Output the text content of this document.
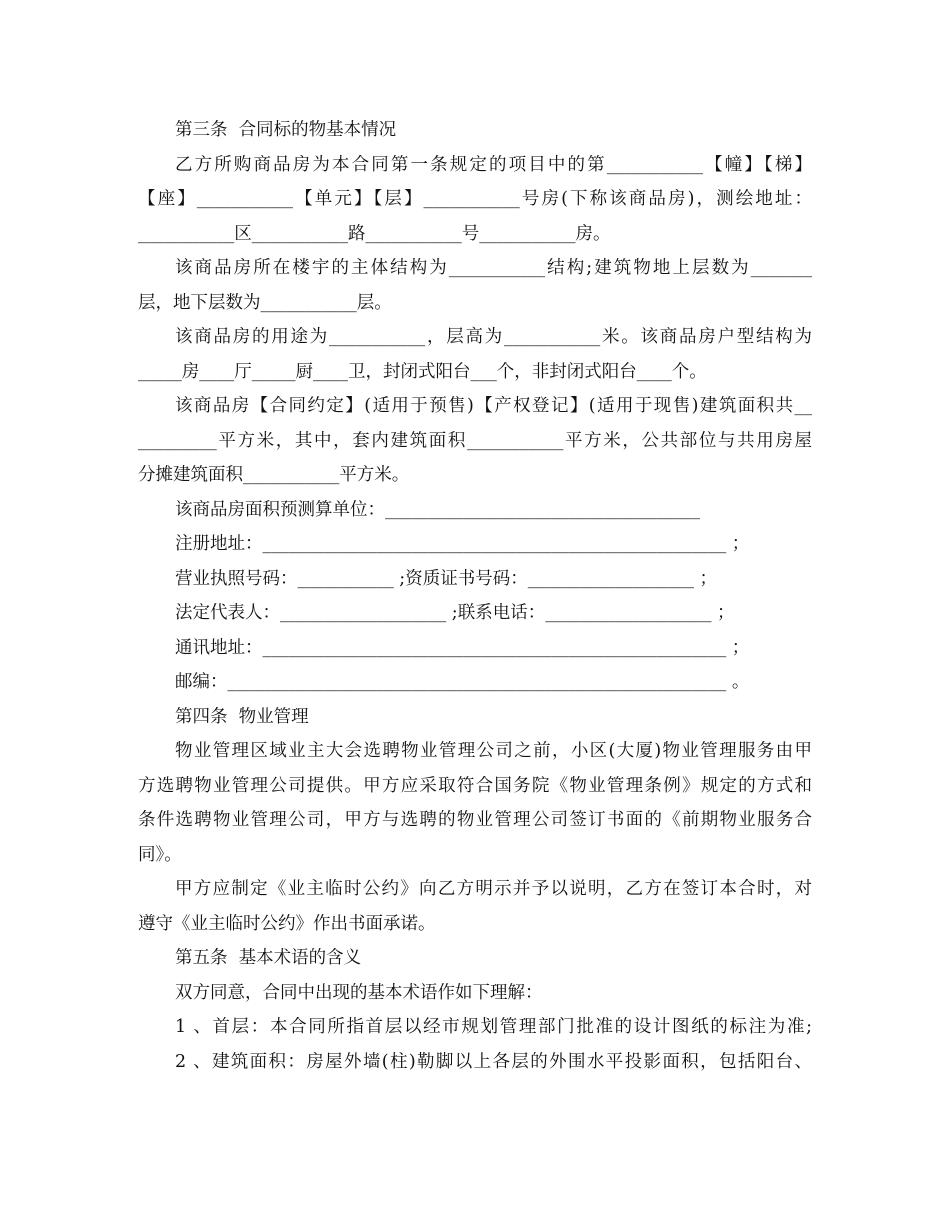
第三条  合同标的物基本情况
乙方所购商品房为本合同第一条规定的项目中的第___________【幢】【梯】
【座】___________【单元】【层】___________号房(下称该商品房)，测绘地址：
___________区___________路___________号___________房。
该商品房所在楼宇的主体结构为___________结构;建筑物地上层数为_______
层，地下层数为___________层。
该商品房的用途为___________，层高为___________米。该商品房户型结构为
_____房____厅_____厨____卫，封闭式阳台___个，非封闭式阳台____个。
该商品房【合同约定】(适用于预售)【产权登记】(适用于现售)建筑面积共__
_________平方米，其中，套内建筑面积___________平方米，公共部位与共用房屋
分摊建筑面积___________平方米。
该商品房面积预测算单位：____________________________________
注册地址：_____________________________________________________ ；
营业执照号码：___________ ;资质证书号码：___________________ ；
法定代表人：___________________ ;联系电话：___________________ ；
通讯地址：_____________________________________________________ ；
邮编：_________________________________________________________ 。
第四条  物业管理
物业管理区域业主大会选聘物业管理公司之前，小区(大厦)物业管理服务由甲
方选聘物业管理公司提供。甲方应采取符合国务院《物业管理条例》规定的方式和
条件选聘物业管理公司，甲方与选聘的物业管理公司签订书面的《前期物业服务合
同》。
甲方应制定《业主临时公约》向乙方明示并予以说明，乙方在签订本合时，对
遵守《业主临时公约》作出书面承诺。
第五条  基本术语的含义
双方同意，合同中出现的基本术语作如下理解：
1 、首层：本合同所指首层以经市规划管理部门批准的设计图纸的标注为准;
2 、建筑面积：房屋外墙(柱)勒脚以上各层的外围水平投影面积，包括阳台、
